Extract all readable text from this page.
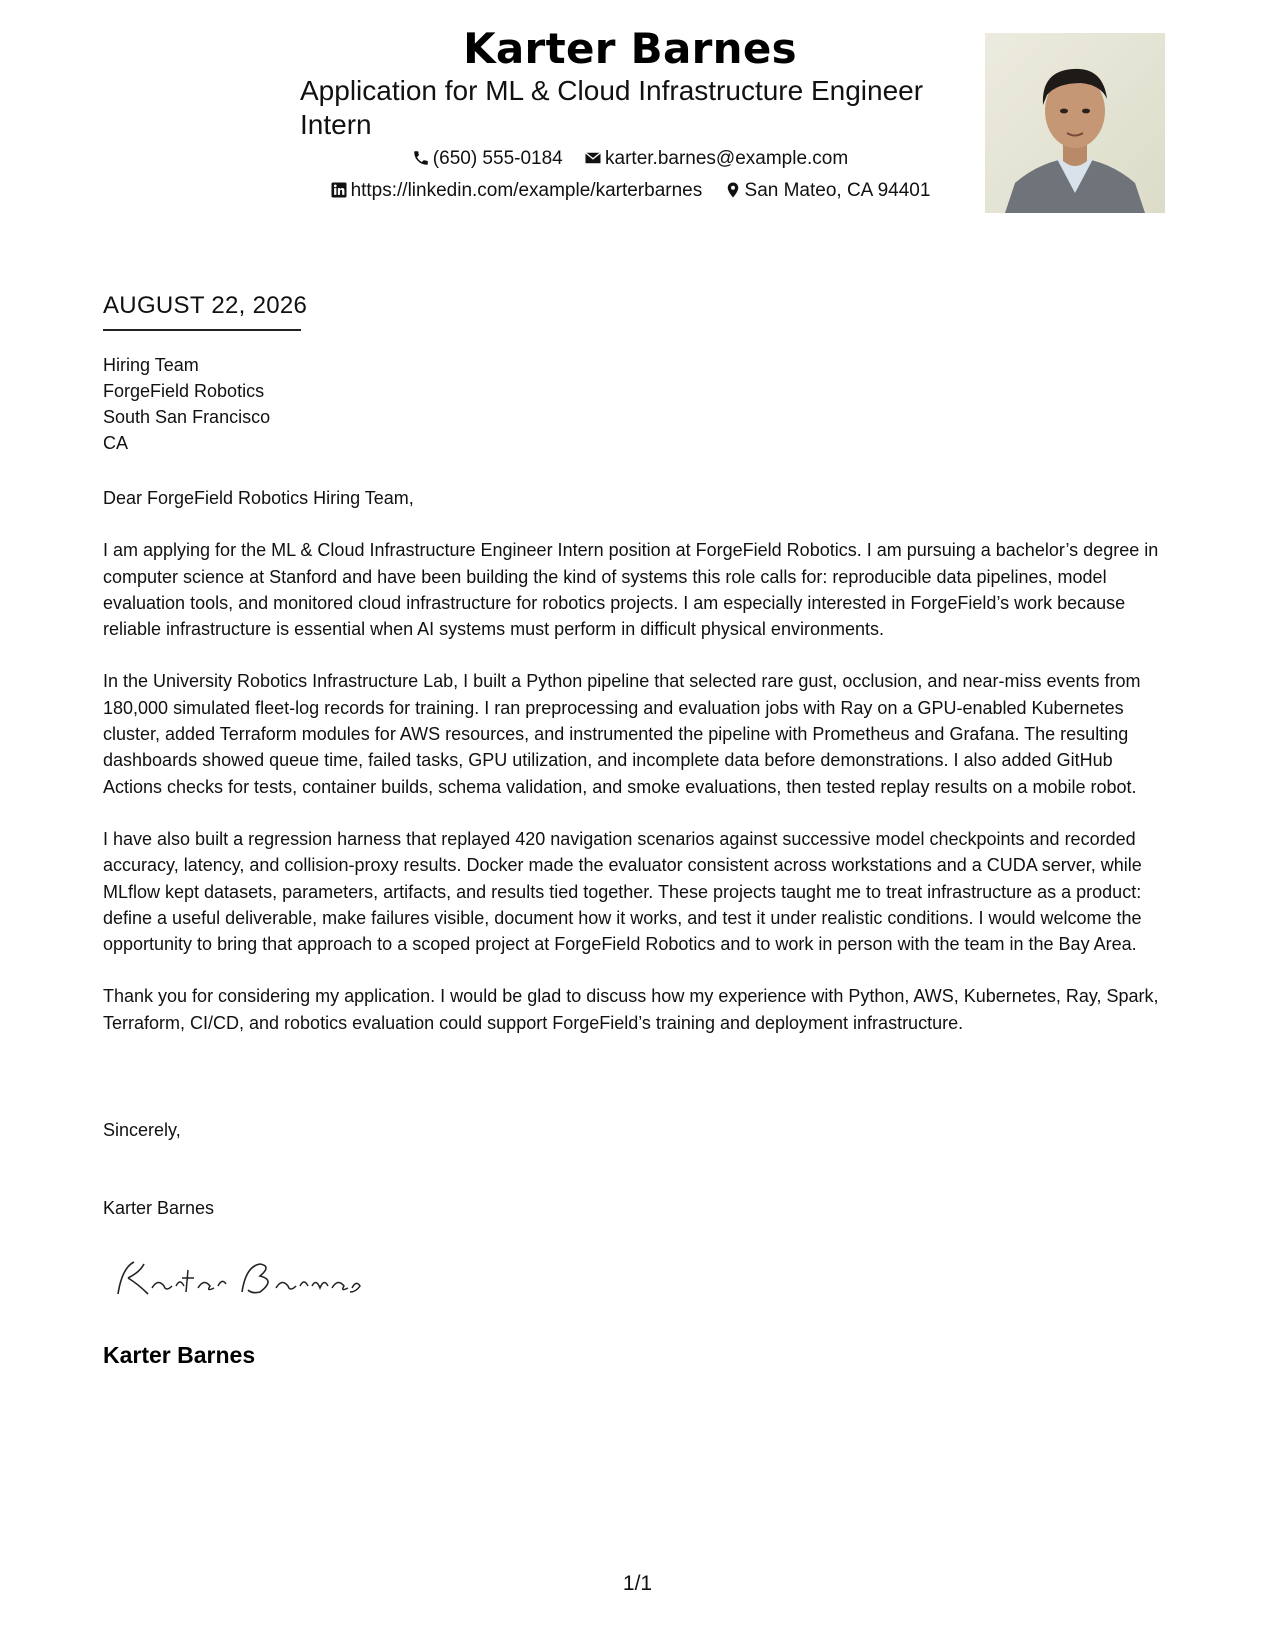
Karter Barnes
Application for ML & Cloud Infrastructure Engineer Intern
(650) 555-0184 karter.barnes@example.com
https://linkedin.com/example/karterbarnes San Mateo, CA 94401
AUGUST 22, 2026
Hiring Team
ForgeField Robotics
South San Francisco
CA

Dear ForgeField Robotics Hiring Team,

I am applying for the ML & Cloud Infrastructure Engineer Intern position at ForgeField Robotics. I am pursuing a bachelor’s degree in computer science at Stanford and have been building the kind of systems this role calls for: reproducible data pipelines, model evaluation tools, and monitored cloud infrastructure for robotics projects. I am especially interested in ForgeField’s work because reliable infrastructure is essential when AI systems must perform in difficult physical environments.

In the University Robotics Infrastructure Lab, I built a Python pipeline that selected rare gust, occlusion, and near-miss events from 180,000 simulated fleet-log records for training. I ran preprocessing and evaluation jobs with Ray on a GPU-enabled Kubernetes cluster, added Terraform modules for AWS resources, and instrumented the pipeline with Prometheus and Grafana. The resulting dashboards showed queue time, failed tasks, GPU utilization, and incomplete data before demonstrations. I also added GitHub Actions checks for tests, container builds, schema validation, and smoke evaluations, then tested replay results on a mobile robot.

I have also built a regression harness that replayed 420 navigation scenarios against successive model checkpoints and recorded accuracy, latency, and collision-proxy results. Docker made the evaluator consistent across workstations and a CUDA server, while MLflow kept datasets, parameters, artifacts, and results tied together. These projects taught me to treat infrastructure as a product: define a useful deliverable, make failures visible, document how it works, and test it under realistic conditions. I would welcome the opportunity to bring that approach to a scoped project at ForgeField Robotics and to work in person with the team in the Bay Area.

Thank you for considering my application. I would be glad to discuss how my experience with Python, AWS, Kubernetes, Ray, Spark, Terraform, CI/CD, and robotics evaluation could support ForgeField’s training and deployment infrastructure.

Sincerely,
Karter Barnes
Karter Barnes
1/1
